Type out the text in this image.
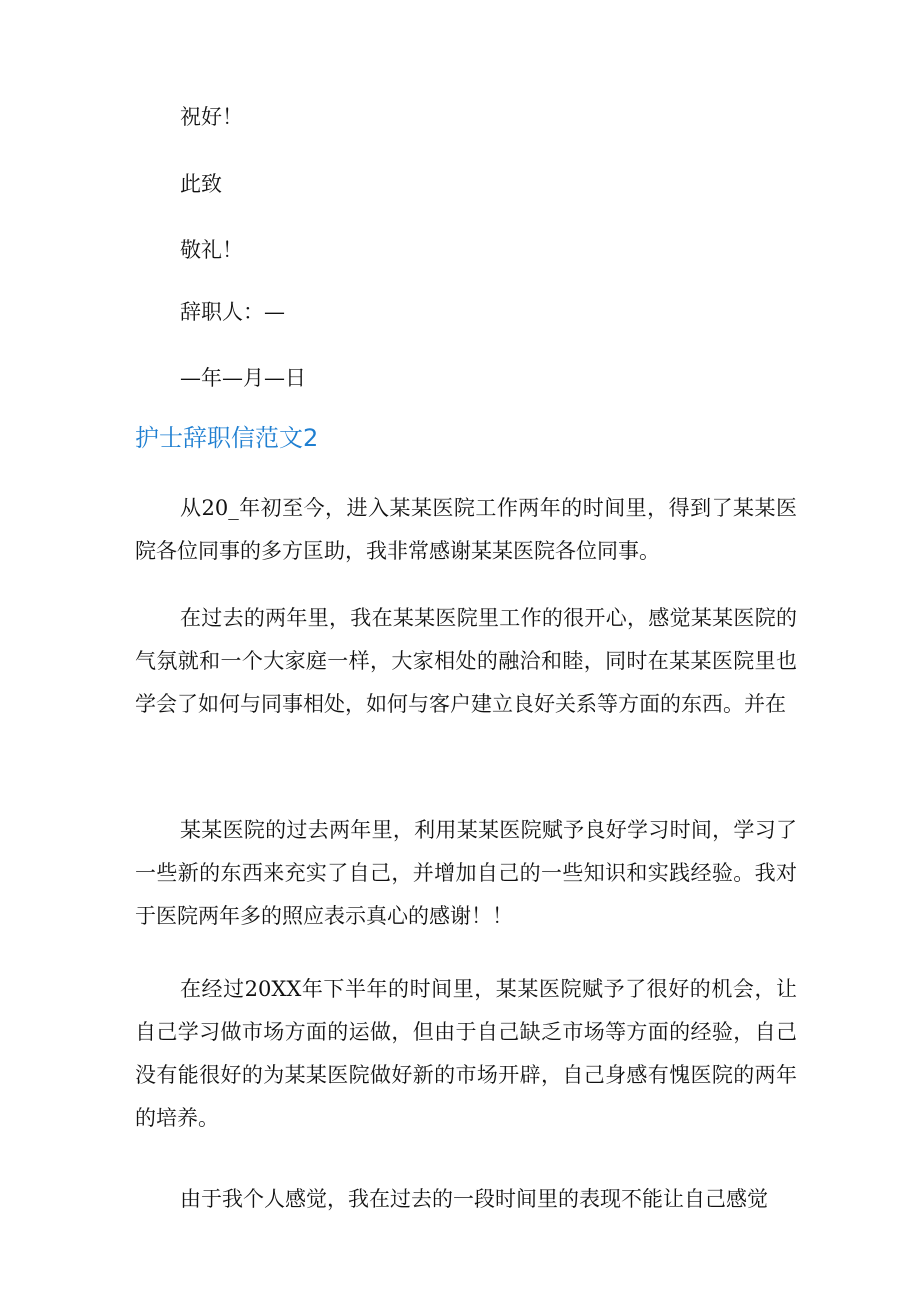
祝好！

此致

敬礼！

辞职人：—

—年—月—日

护士辞职信范文2

从20_年初至今，进入某某医院工作两年的时间里，得到了某某医院各位同事的多方匡助，我非常感谢某某医院各位同事。

在过去的两年里，我在某某医院里工作的很开心，感觉某某医院的气氛就和一个大家庭一样，大家相处的融洽和睦，同时在某某医院里也学会了如何与同事相处，如何与客户建立良好关系等方面的东西。并在

某某医院的过去两年里，利用某某医院赋予良好学习时间，学习了一些新的东西来充实了自己，并增加自己的一些知识和实践经验。我对于医院两年多的照应表示真心的感谢！！

在经过20XX年下半年的时间里，某某医院赋予了很好的机会，让自己学习做市场方面的运做，但由于自己缺乏市场等方面的经验，自己没有能很好的为某某医院做好新的市场开辟，自己身感有愧医院的两年的培养。

由于我个人感觉，我在过去的一段时间里的表现不能让自己感觉
